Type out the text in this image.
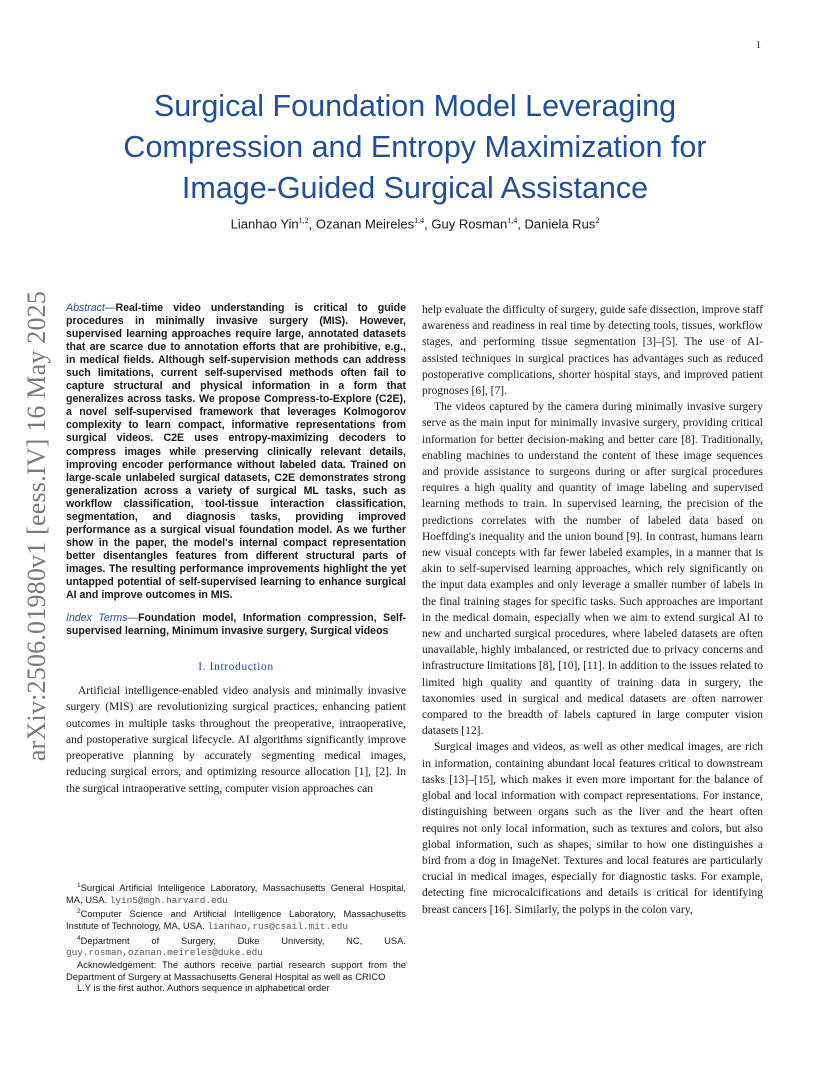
1
arXiv:2506.01980v1 [eess.IV] 16 May 2025
Surgical Foundation Model Leveraging Compression and Entropy Maximization for Image-Guided Surgical Assistance
Lianhao Yin$^{1,2}$, Ozanan Meireles$^{1,4}$, Guy Rosman$^{1,4}$, Daniela Rus$^2$

Abstract—Real-time video understanding is critical to guide procedures in minimally invasive surgery (MIS). However, supervised learning approaches require large, annotated datasets that are scarce due to annotation efforts that are prohibitive, e.g., in medical fields. Although self-supervision methods can address such limitations, current self-supervised methods often fail to capture structural and physical information in a form that generalizes across tasks. We propose Compress-to-Explore (C2E), a novel self-supervised framework that leverages Kolmogorov complexity to learn compact, informative representations from surgical videos. C2E uses entropy-maximizing decoders to compress images while preserving clinically relevant details, improving encoder performance without labeled data. Trained on large-scale unlabeled surgical datasets, C2E demonstrates strong generalization across a variety of surgical ML tasks, such as workflow classification, tool-tissue interaction classification, segmentation, and diagnosis tasks, providing improved performance as a surgical visual foundation model. As we further show in the paper, the model's internal compact representation better disentangles features from different structural parts of images. The resulting performance improvements highlight the yet untapped potential of self-supervised learning to enhance surgical AI and improve outcomes in MIS.

Index Terms—Foundation model, Information compression, Self-supervised learning, Minimum invasive surgery, Surgical videos

I. Introduction

Artificial intelligence-enabled video analysis and minimally invasive surgery (MIS) are revolutionizing surgical practices, enhancing patient outcomes in multiple tasks throughout the preoperative, intraoperative, and postoperative surgical lifecycle. AI algorithms significantly improve preoperative planning by accurately segmenting medical images, reducing surgical errors, and optimizing resource allocation [1], [2]. In the surgical intraoperative setting, computer vision approaches can

help evaluate the difficulty of surgery, guide safe dissection, improve staff awareness and readiness in real time by detecting tools, tissues, workflow stages, and performing tissue segmentation [3]–[5]. The use of AI-assisted techniques in surgical practices has advantages such as reduced postoperative complications, shorter hospital stays, and improved patient prognoses [6], [7].

The videos captured by the camera during minimally invasive surgery serve as the main input for minimally invasive surgery, providing critical information for better decision-making and better care [8]. Traditionally, enabling machines to understand the content of these image sequences and provide assistance to surgeons during or after surgical procedures requires a high quality and quantity of image labeling and supervised learning methods to train. In supervised learning, the precision of the predictions correlates with the number of labeled data based on Hoeffding's inequality and the union bound [9]. In contrast, humans learn new visual concepts with far fewer labeled examples, in a manner that is akin to self-supervised learning approaches, which rely significantly on the input data examples and only leverage a smaller number of labels in the final training stages for specific tasks. Such approaches are important in the medical domain, especially when we aim to extend surgical AI to new and uncharted surgical procedures, where labeled datasets are often unavailable, highly imbalanced, or restricted due to privacy concerns and infrastructure limitations [8], [10], [11]. In addition to the issues related to limited high quality and quantity of training data in surgery, the taxonomies used in surgical and medical datasets are often narrower compared to the breadth of labels captured in large computer vision datasets [12].

Surgical images and videos, as well as other medical images, are rich in information, containing abundant local features critical to downstream tasks [13]–[15], which makes it even more important for the balance of global and local information with compact representations. For instance, distinguishing between organs such as the liver and the heart often requires not only local information, such as textures and colors, but also global information, such as shapes, similar to how one distinguishes a bird from a dog in ImageNet. Textures and local features are particularly crucial in medical images, especially for diagnostic tasks. For example, detecting fine microcalcifications and details is critical for identifying breast cancers [16]. Similarly, the polyps in the colon vary,

$^1$Surgical Artificial Intelligence Laboratory, Massachusetts General Hospital, MA, USA. lyin5@mgh.harvard.edu

$^2$Computer Science and Artificial Intelligence Laboratory, Massachusetts Institute of Technology, MA, USA. lianhao,rus@csail.mit.edu

$^4$Department of Surgery, Duke University, NC, USA. guy.rosman,ozanan.meireles@duke.edu

Acknowledgement: The authors receive partial research support from the Department of Surgery at Massachusetts General Hospital as well as CRICO

L.Y is the first author. Authors sequence in alphabetical order
